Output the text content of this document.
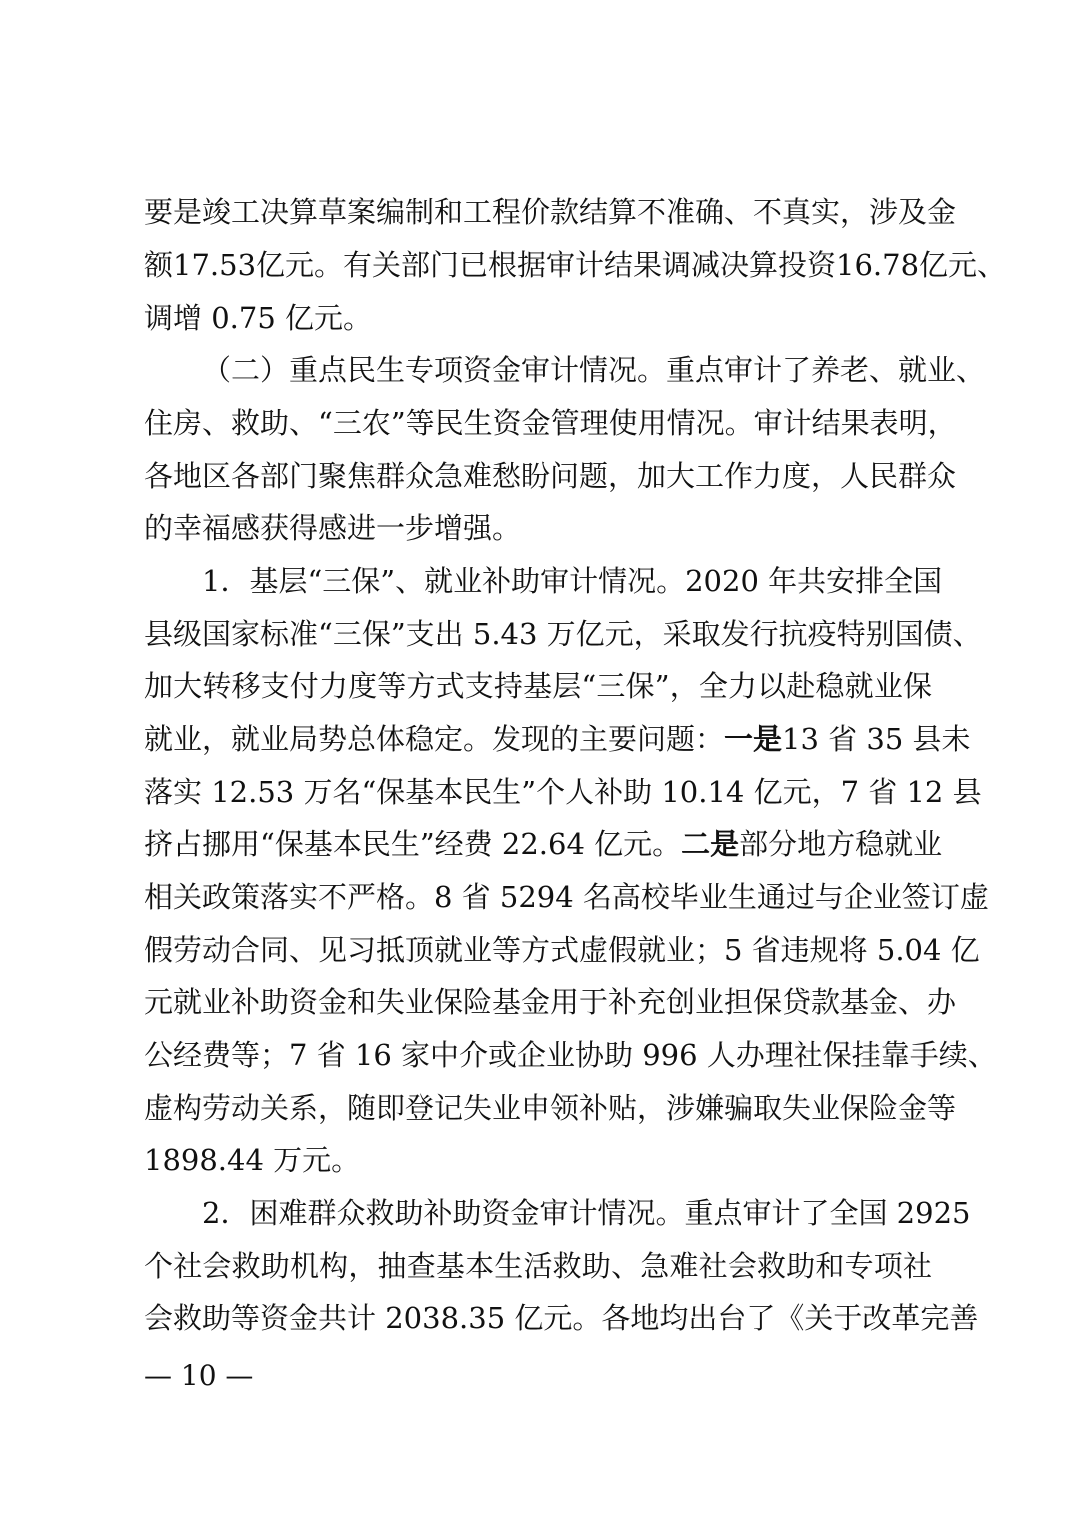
要是竣工决算草案编制和工程价款结算不准确、不真实，涉及金
额17.53亿元。有关部门已根据审计结果调减决算投资16.78亿元、
调增 0.75 亿元。
（二）重点民生专项资金审计情况。重点审计了养老、就业、
住房、救助、“三农”等民生资金管理使用情况。审计结果表明，
各地区各部门聚焦群众急难愁盼问题，加大工作力度，人民群众
的幸福感获得感进一步增强。
1．基层“三保”、就业补助审计情况。2020 年共安排全国
县级国家标准“三保”支出 5.43 万亿元，采取发行抗疫特别国债、
加大转移支付力度等方式支持基层“三保”，全力以赴稳就业保
就业，就业局势总体稳定。发现的主要问题：一是13 省 35 县未
落实 12.53 万名“保基本民生”个人补助 10.14 亿元，7 省 12 县
挤占挪用“保基本民生”经费 22.64 亿元。二是部分地方稳就业
相关政策落实不严格。8 省 5294 名高校毕业生通过与企业签订虚
假劳动合同、见习抵顶就业等方式虚假就业；5 省违规将 5.04 亿
元就业补助资金和失业保险基金用于补充创业担保贷款基金、办
公经费等；7 省 16 家中介或企业协助 996 人办理社保挂靠手续、
虚构劳动关系，随即登记失业申领补贴，涉嫌骗取失业保险金等
1898.44 万元。
2．困难群众救助补助资金审计情况。重点审计了全国 2925
个社会救助机构，抽查基本生活救助、急难社会救助和专项社
会救助等资金共计 2038.35 亿元。各地均出台了《关于改革完善
— 10 —
